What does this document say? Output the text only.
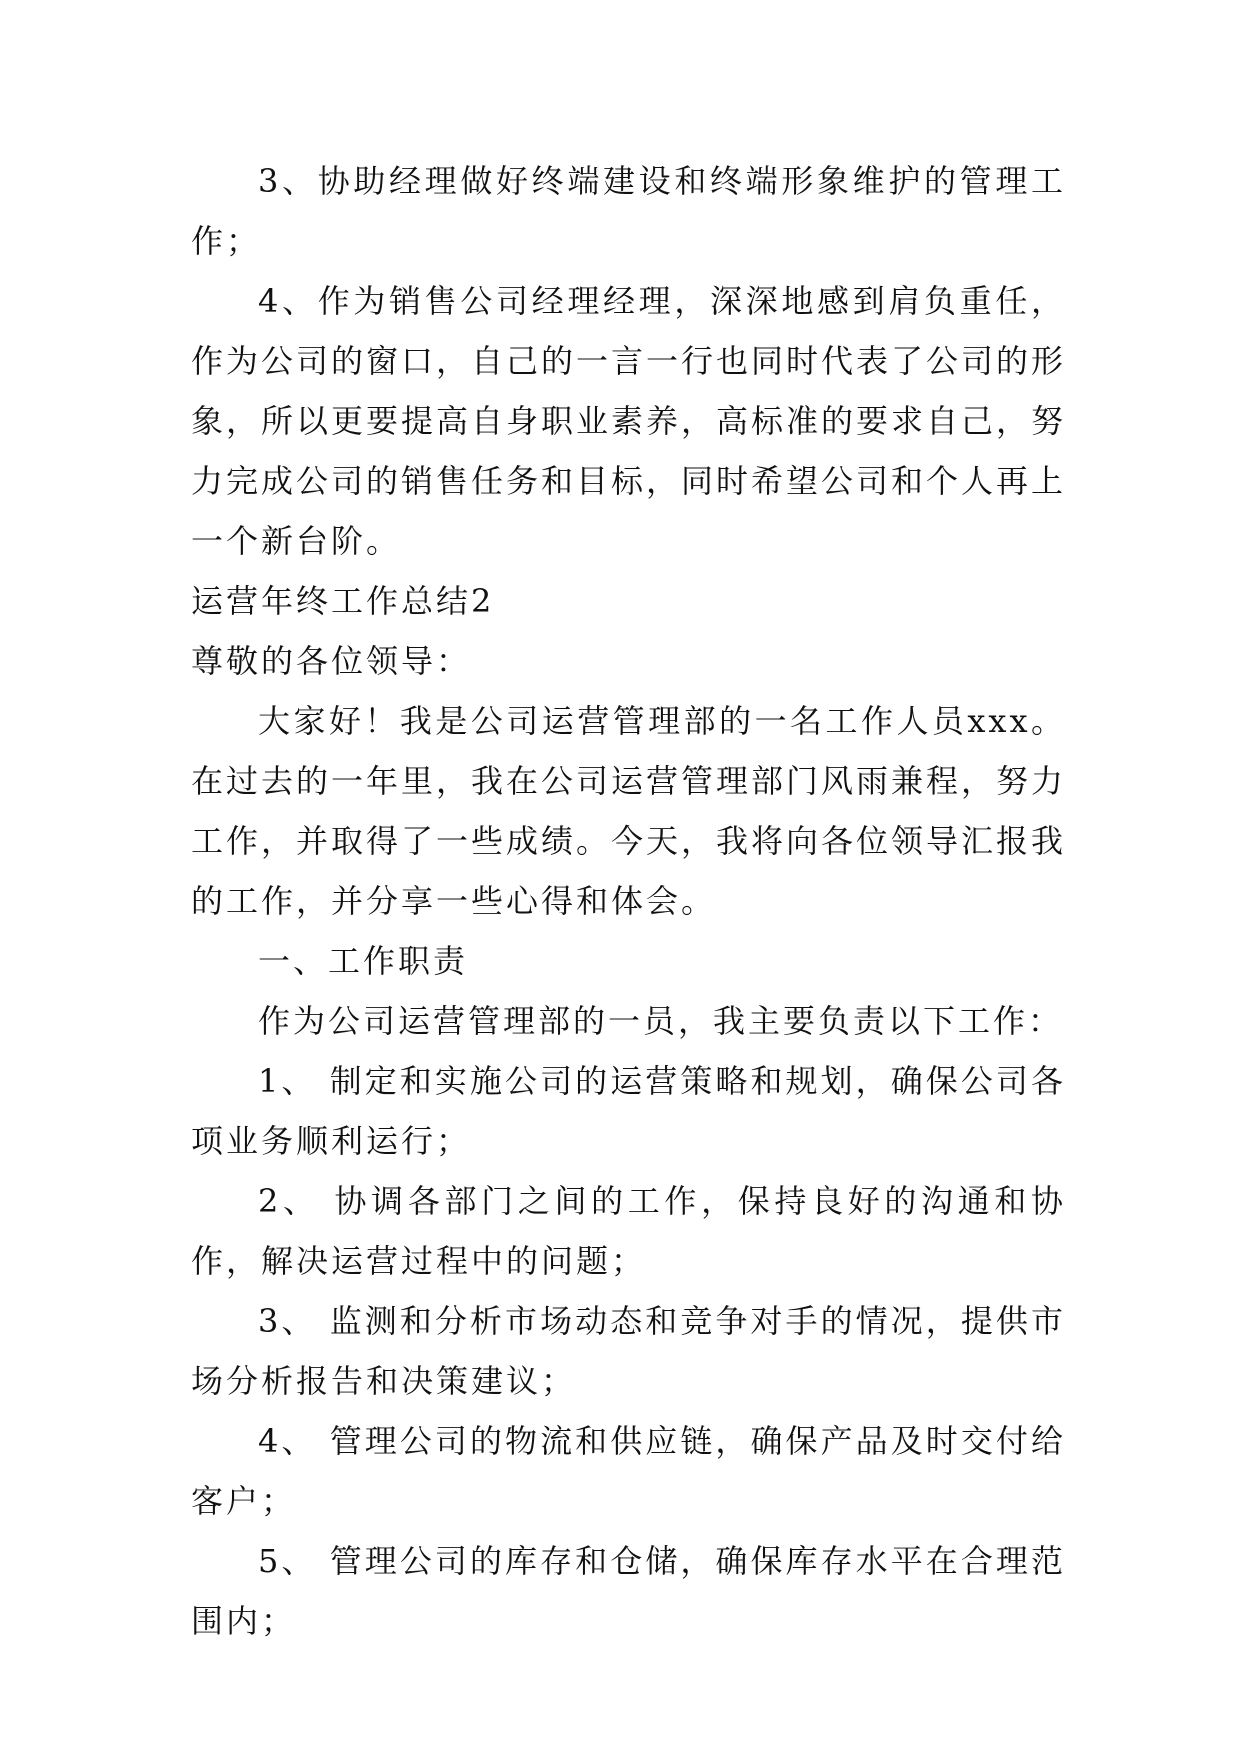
3、协助经理做好终端建设和终端形象维护的管理工作；

4、作为销售公司经理经理，深深地感到肩负重任，作为公司的窗口，自己的一言一行也同时代表了公司的形象，所以更要提高自身职业素养，高标准的要求自己，努力完成公司的销售任务和目标，同时希望公司和个人再上一个新台阶。

运营年终工作总结2

尊敬的各位领导：

大家好！我是公司运营管理部的一名工作人员xxx。在过去的一年里，我在公司运营管理部门风雨兼程，努力工作，并取得了一些成绩。今天，我将向各位领导汇报我的工作，并分享一些心得和体会。

一、工作职责

作为公司运营管理部的一员，我主要负责以下工作：

1、 制定和实施公司的运营策略和规划，确保公司各项业务顺利运行；

2、 协调各部门之间的工作，保持良好的沟通和协作，解决运营过程中的问题；

3、 监测和分析市场动态和竞争对手的情况，提供市场分析报告和决策建议；

4、 管理公司的物流和供应链，确保产品及时交付给客户；

5、 管理公司的库存和仓储，确保库存水平在合理范围内；
